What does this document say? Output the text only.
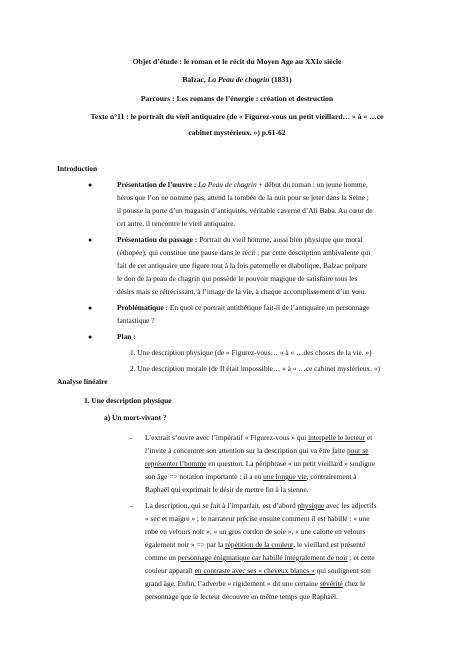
Objet d’étude : le roman et le récit du Moyen Age au XXIe siècle
Balzac, La Peau de chagrin (1831)
Parcours : Les romans de l’énergie : création et destruction
Texte n°11 : le portrait du vieil antiquaire (de « Figurez-vous un petit vieillard… » à « …ce
cabinet mystérieux. ») p.61-62
Introduction
●	Présentation de l’œuvre : La Peau de chagrin + début du roman : un jeune homme,
héros que l’on ne nomme pas, attend la tombée de la nuit pour se jeter dans la Seine ;
il pousse la porte d’un magasin d’antiquités, véritable caverne d’Ali Baba. Au cœur de
cet antre, il rencontre le vieil antiquaire.
●	Présentation du passage : Portrait du vieil homme, aussi bien physique que moral
(éthopée), qui constitue une pause dans le récit ; par cette description ambivalente qui
fait de cet antiquaire une figure tout à la fois paternelle et diabolique, Balzac prépare
le don de la peau de chagrin qui possède le pouvoir magique de satisfaire tous les
désirs mais se rétrécissant, à l’image de la vie, à chaque accomplissement d’un vœu.
●	Problématique : En quoi ce portrait antithétique fait-il de l’antiquaire un personnage
fantastique ?
●	Plan :
1. Une description physique (de « Figurez-vous… » à « …des choses de la vie. »)
2. Une description morale (de Il était impossible… » à « …ce cabinet mystérieux. »)
Analyse linéaire
1. Une description physique
a) Un mort-vivant ?
- L’extrait s’ouvre avec l’impératif « Figurez-vous » qui interpelle le lecteur et
l’invite à concentrer son attention sur la description qui va être faite pour se
représenter l’homme en question. La périphrase « un petit vieillard » souligne
son âge => notation importante : il a eu une longue vie, contrairement à
Raphaël qui exprimait le désir de mettre fin à la sienne.
- La description, qui se fait à l’imparfait, est d’abord physique avec les adjectifs
« sec et maigre » ; le narrateur précise ensuite comment il est habillé : « une
robe en velours noir », « un gros cordon de soie », « une calotte en velours
également noir » => par la répétition de la couleur, le vieillard est présenté
comme un personnage énigmatique car habillé intégralement de noir ; et cette
couleur apparaît en contraste avec ses « cheveux blancs » qui soulignent son
grand âge. Enfin, l’adverbe « rigidement » dit une certaine sévérité chez le
personnage que le lecteur découvre en même temps que Raphaël.
